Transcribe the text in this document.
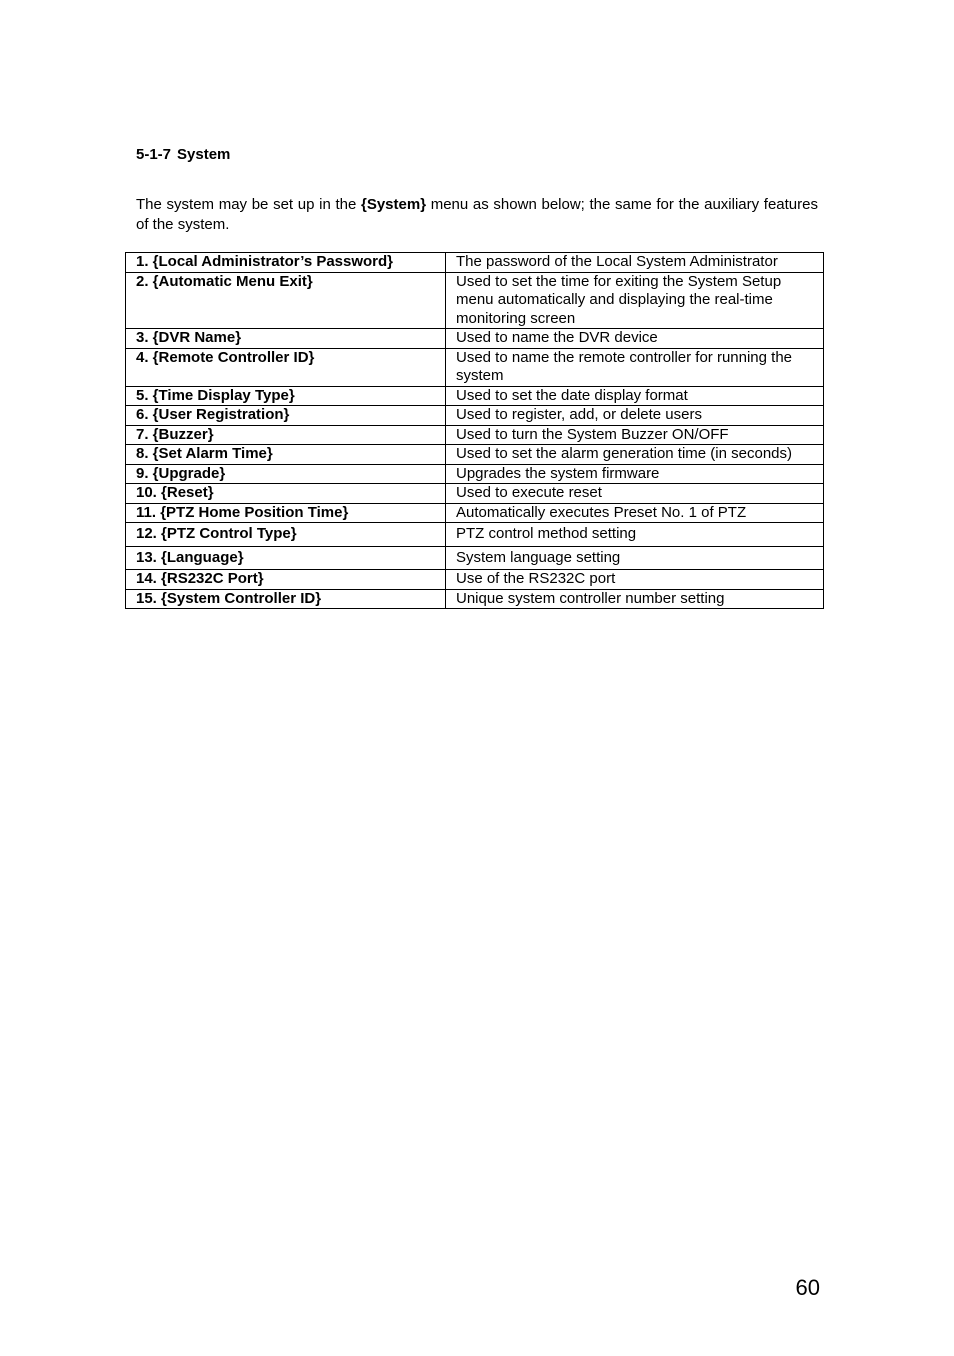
5-1-7 System

The system may be set up in the {System} menu as shown below; the same for the auxiliary features of the system.

1. {Local Administrator’s Password}	The password of the Local System Administrator
2. {Automatic Menu Exit}	Used to set the time for exiting the System Setup menu automatically and displaying the real-time monitoring screen
3. {DVR Name}	Used to name the DVR device
4. {Remote Controller ID}	Used to name the remote controller for running the system
5. {Time Display Type}	Used to set the date display format
6. {User Registration}	Used to register, add, or delete users
7. {Buzzer}	Used to turn the System Buzzer ON/OFF
8. {Set Alarm Time}	Used to set the alarm generation time (in seconds)
9. {Upgrade}	Upgrades the system firmware
10. {Reset}	Used to execute reset
11. {PTZ Home Position Time}	Automatically executes Preset No. 1 of PTZ
12. {PTZ Control Type}	PTZ control method setting
13. {Language}	System language setting
14. {RS232C Port}	Use of the RS232C port
15. {System Controller ID}	Unique system controller number setting
60
